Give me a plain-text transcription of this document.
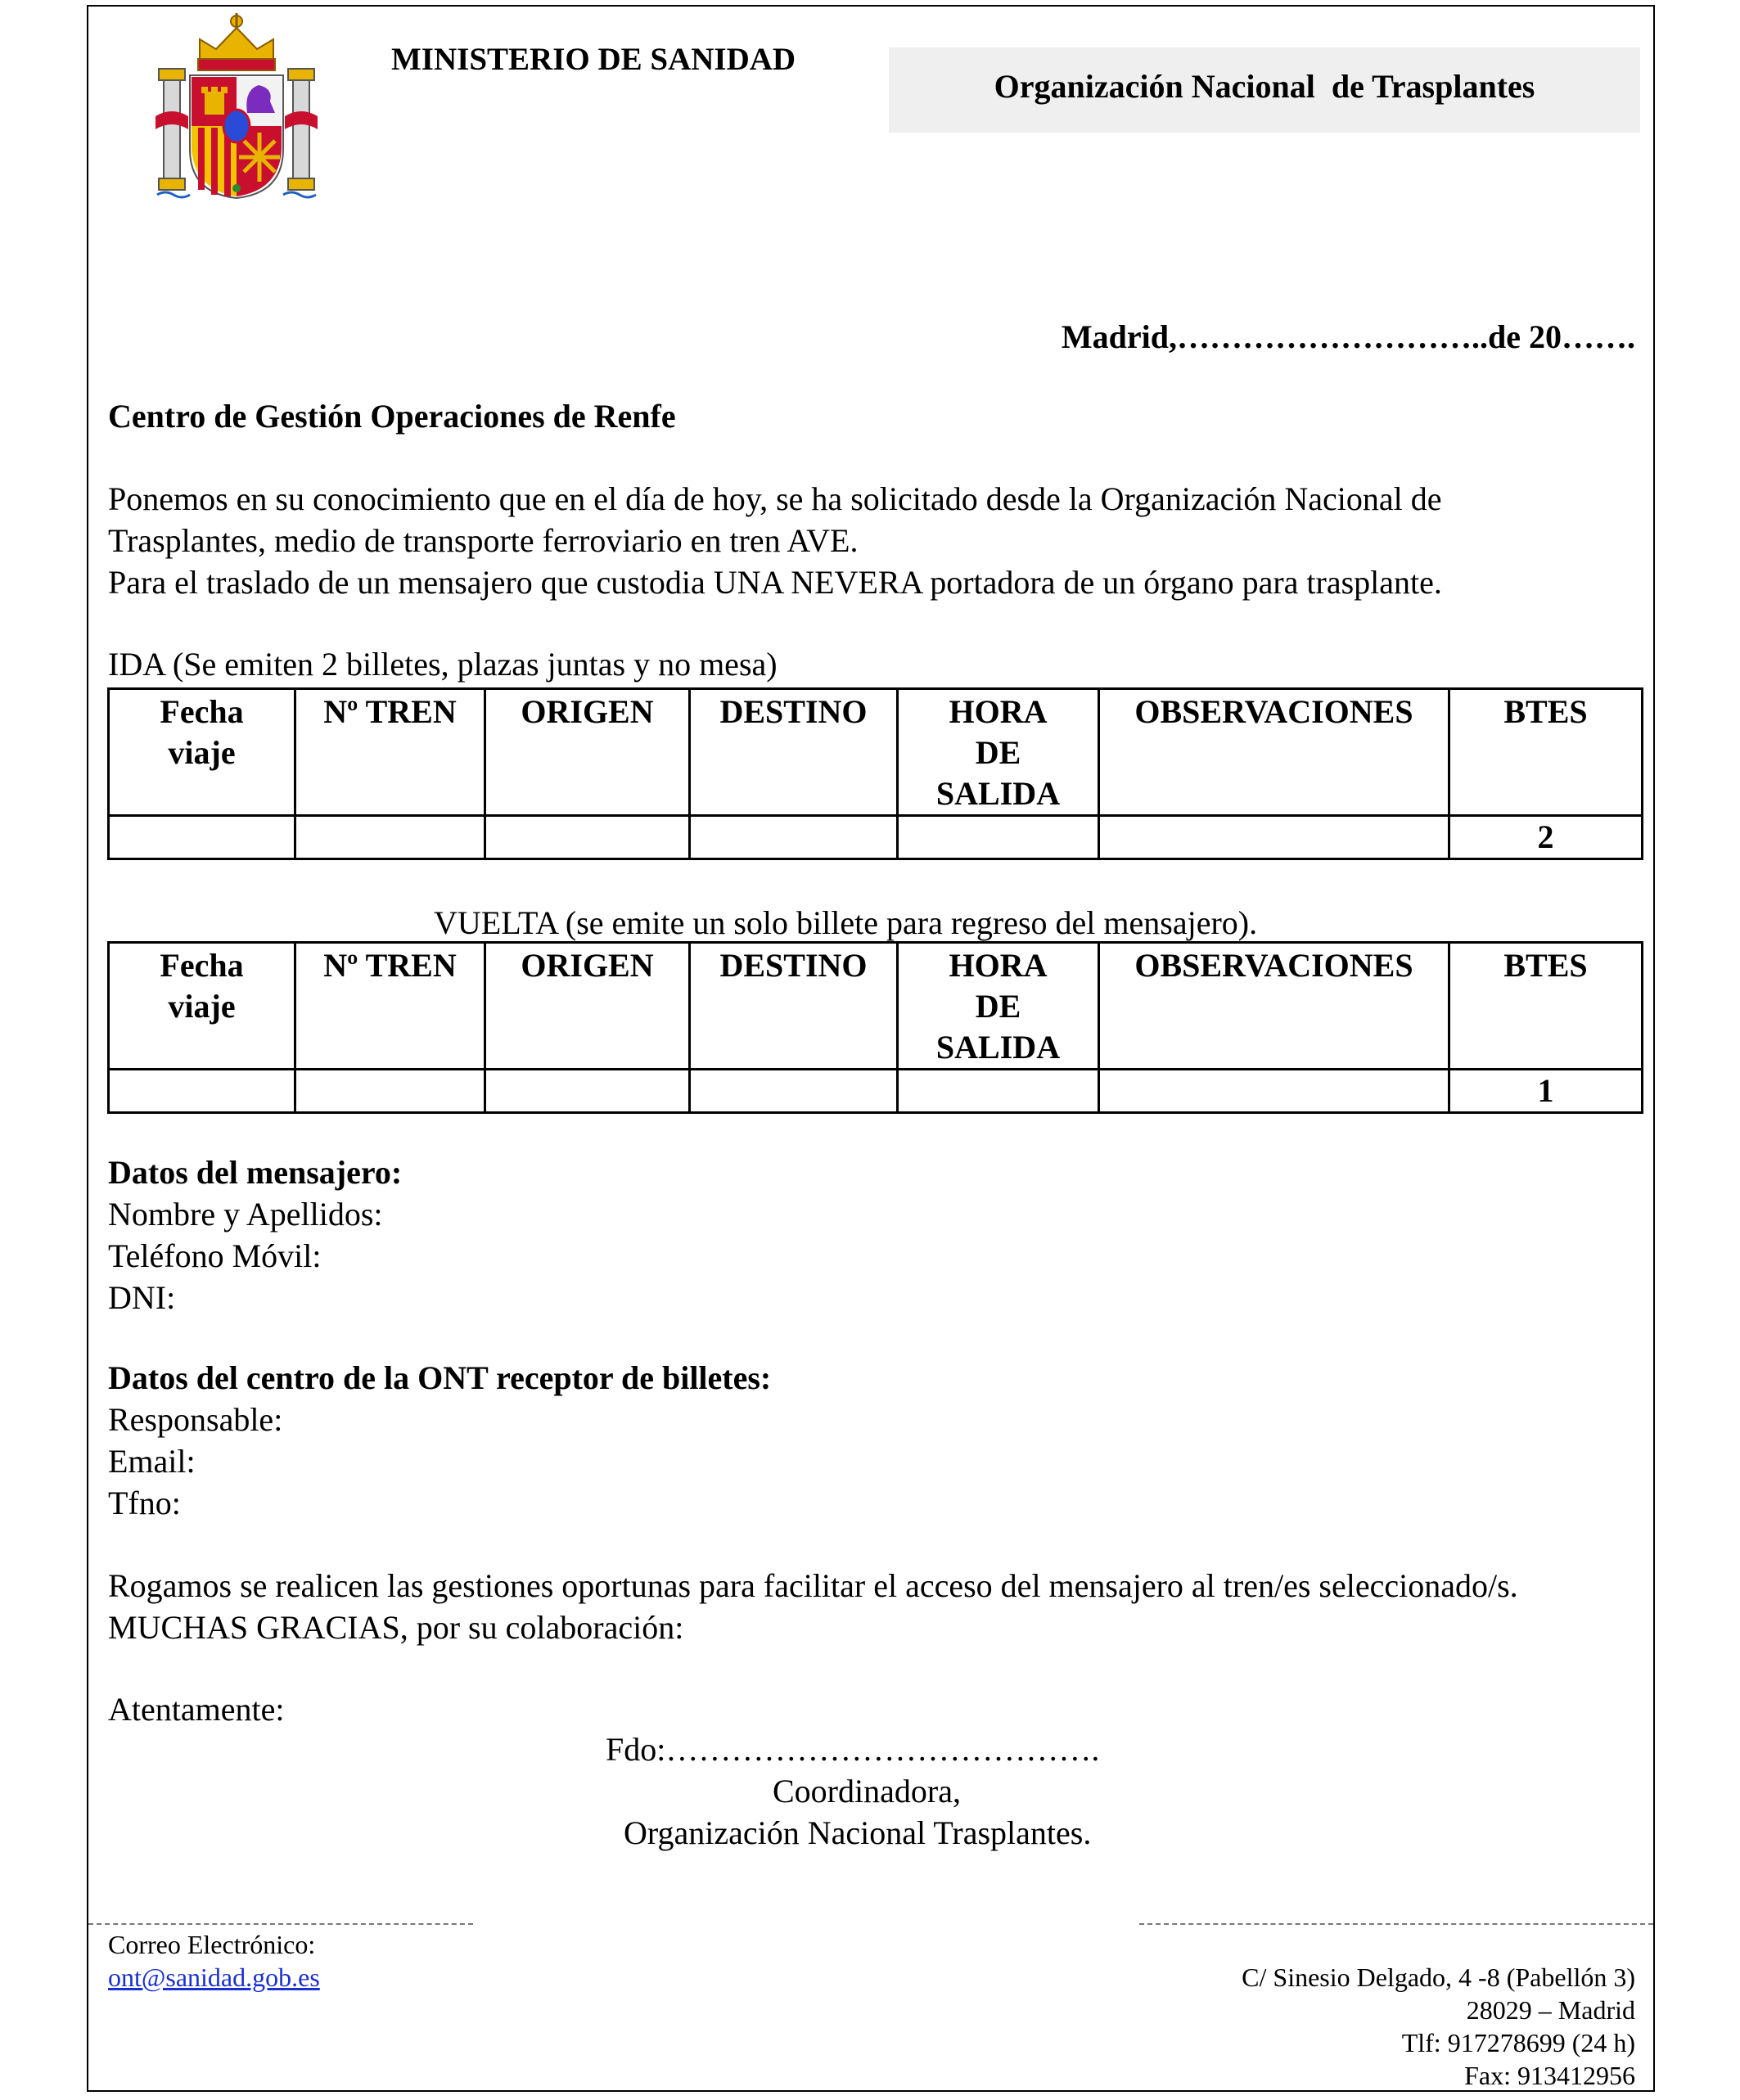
MINISTERIO DE SANIDAD
Organización Nacional  de Trasplantes
Madrid,………………………..de 20…….
Centro de Gestión Operaciones de Renfe
Ponemos en su conocimiento que en el día de hoy, se ha solicitado desde la Organización Nacional de
Trasplantes, medio de transporte ferroviario en tren AVE.
Para el traslado de un mensajero que custodia UNA NEVERA portadora de un órgano para trasplante.
IDA (Se emiten 2 billetes, plazas juntas y no mesa)
Fecha
viaje	Nº TREN	ORIGEN	DESTINO	HORA
DE
SALIDA	OBSERVACIONES	BTES
						2
VUELTA (se emite un solo billete para regreso del mensajero).
Fecha
viaje	Nº TREN	ORIGEN	DESTINO	HORA
DE
SALIDA	OBSERVACIONES	BTES
						1
Datos del mensajero:
Nombre y Apellidos:
Teléfono Móvil:
DNI:
Datos del centro de la ONT receptor de billetes:
Responsable:
Email:
Tfno:
Rogamos se realicen las gestiones oportunas para facilitar el acceso del mensajero al tren/es seleccionado/s.
MUCHAS GRACIAS, por su colaboración:
Atentamente:
Fdo:………………………………….
Coordinadora,
Organización Nacional Trasplantes.
Correo Electrónico:
ont@sanidad.gob.es	C/ Sinesio Delgado, 4 -8 (Pabellón 3)
28029 – Madrid
Tlf: 917278699 (24 h)
Fax: 913412956
